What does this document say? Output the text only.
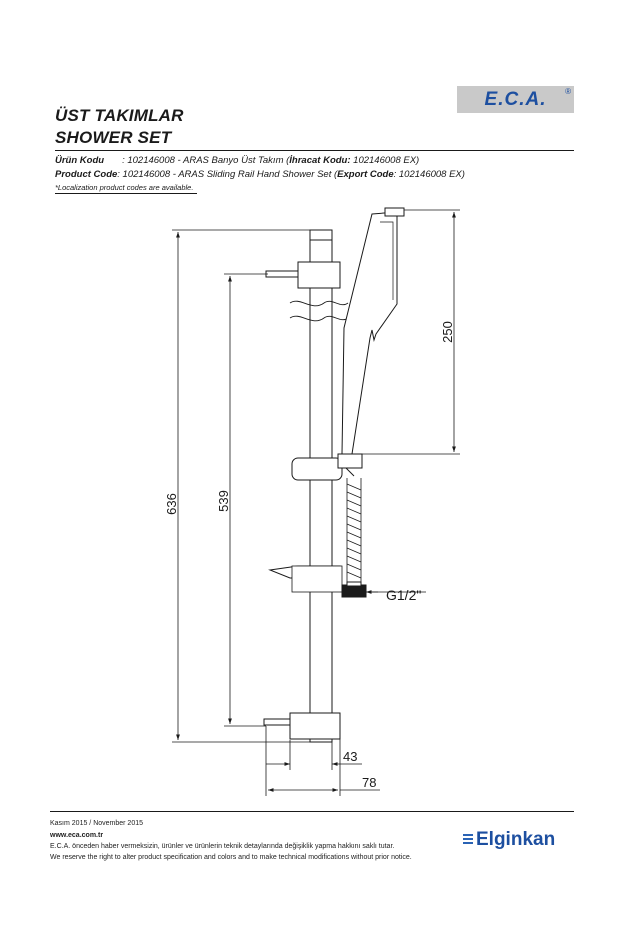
ÜST TAKIMLAR
SHOWER SET
E.C.A.	®
Ürün Kodu : 102146008 - ARAS Banyo Üst Takım (İhracat Kodu: 102146008 EX)
Product Code: 102146008 - ARAS Sliding Rail Hand Shower Set (Export Code: 102146008 EX)
*Localization product codes are available.
636	539
250
43
78
G1/2"
Kasım 2015 / November 2015
www.eca.com.tr
E.C.A. önceden haber vermeksizin, ürünler ve ürünlerin teknik detaylarında değişiklik yapma hakkını saklı tutar.
We reserve the right to alter product specification and colors and to make technical modifications without prior notice.
Elginkan
